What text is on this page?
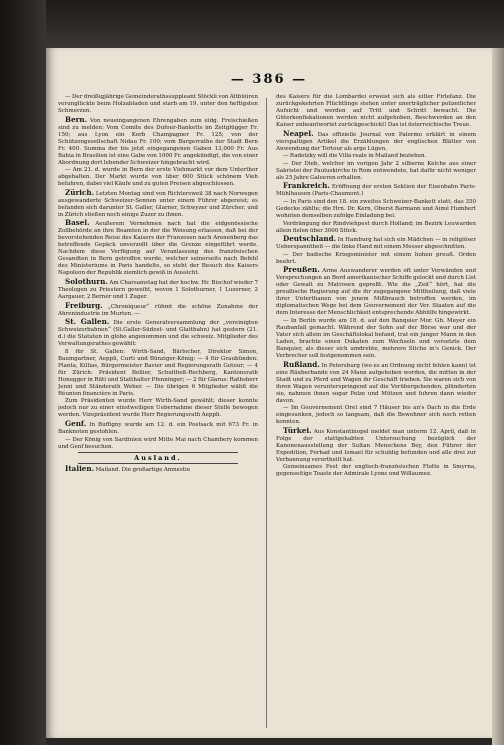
— 386 —

— Der dreißigjährige Gemeinderathssuppleant Stöckli von Altbüüren verunglückte beim Holzabladen und starb am 19. unter den heftigsten Schmerzen.

Bern. Von neueingangenen Ehrengaben zum eidg. Freischießen sind zu melden: Vom Comite des Dufour-Banketts im Zeitglügger Fr. 150; aus Lyon ein Korb Champagner Fr. 125; von der Schützengesellschaft Nidau Fr. 100; vom Burgerrathe der Stadt Bern Fr. 400. Summa der bis jetzt eingegangenen Gaben 13,000 Fr. Aus Bahia in Brasilien ist eine Gabe von 1000 Fr. angekündigt, die von einer Abordnung dort lebender Schweizer hingebracht wird.

— Am 21. d. wurde in Bern der erste Viehmarkt vor dem Unterthor abgehalten. Der Markt wurde von über 600 Stück schönem Vieh befahren, dabei viel Käufe und zu guten Preisen abgeschlossen.

Zürich. Letzten Montag sind von Richtersweil 38 nach Norwegen ausgewanderte Schweizer-Sennen unter einem Führer abgereist; es befanden sich darunter St. Galler, Glarner, Schwyzer und Zürcher, und in Zürich stießen noch einige Zuzer zu ihnen.

Basel. Aeußerem Vernehmen nach hat die eidgenössische Zollbehörde an ihre Beamten in der die Weisung erlassen, daß bei der bevorstehenden Reise des Kaisers der Franzosen nach Arenenberg das betreffende Gepäck unverzollt über die Grenze eingeführt werde. Nachdem diese Verfügung auf Veranlassung des französischen Gesandten in Bern getroffen wurde, welcher seinerseits nach Befehl des Ministeriums in Paris handelte, so steht der Besuch des Kaisers Napoleon der Republik ziemlich gewiß in Aussicht.

Solothurn. Am Charsamstag hat der hochw. Hr. Bischof wieder 7 Theologen zu Priestern geweiht, wovon 1 Solothurner, 1 Luzerner, 2 Aargauer, 2 Berner und 1 Zuger.

Freiburg. „Chroniqueur“ rühmt die schöne Zunahme der Ahrenindustrie im Murten. —

St. Gallen. Die erste Generalversammlung der „vereinigten Schweizerbahnen“ (St.Galler-Südost- und Glattbahn) hat gestern (21. d.) die Statuten in globo angenommen und die schweiz. Mitglieder des Verwaltungsrathes gewählt:

8 für St. Gallen: Wirth-Sand, Bärlocher, Direktor Simon, Baumgartner, Aeppli, Curti und Bünziger-König; — 4 für Graubünden: Planta, Killias, Bürgermeister Bavier und Regierungsrath Gotour; — 4 für Zürich: Präsident Bollier, Schultheß-Rechberg, Kantonsrath Honegger in Rüti und Statthalter Pfenninger; — 2 für Glarus: Rathsherr Jenni und Ständerath Weber. — Die übrigen 6 Mitglieder wählt die Réunion financière in Paris.

Zum Präsidenten wurde Herr Wirth-Sand gewählt; dieser konnte jedoch nur zu einer einstweiligen Uebernahme dieser Stelle bewogen werden. Vizepräsident wurde Herr Regierungsrath Aeppli.

Genf. In Buffigny wurde am 12. d. ein Postsack mit 673 Fr. in Banknoten gestohlen.

— Der König von Sardinien wird Mitte Mai nach Chambery kommen und Genf besuchen.

Ausland.

Italien. Mailand. Die großartige Amnestie

des Kaisers für die Lombardei erweist sich als eitler Firlefanz. Die zurückgekehrten Flüchtlinge stehen unter unerträglicher polizeilicher Aufsicht und werden auf Tritt und Schritt bewacht. Die Güterkonfiskationen werden nicht aufgehoben, Beschwerden an den Kaiser unbeantwortet zurückgeschickt! Das ist österreichische Treue.

Neapel. Das offizielle Journal von Palermo erklärt in einem vierspaltigen Artikel die Erzählungen der englischen Blätter von Anwendung der Tortour als arge Lügen.

— Radetzky will die Villa reale in Mailand beziehen.

— Der Dieb, welcher im vorigen Jahr 2 silberne Kelche aus einer Sakristei der Pauluskirche in Rom entwendete, hat dafür nicht weniger als 25 Jahre Galeeren erhalten.

Frankreich. Eröffnung der ersten Sektion der Eisenbahn Paris-Mühlhausen (Paris-Chaumont.)

— In Paris sind den 18. ein zweites Schweizer-Bankett statt, das 350 Gedecke zählte; die Hrn. Dr. Kern, Oberst Barmann und Aimé Humbert wohnten demselben zufolge Einladung bei.

Verdrängung der Rindviehpest durch Holland; im Bezirk Leuwarden allein fielen über 3000 Stück.

Deutschland. In Hamburg hat sich ein Mädchen — in religiöser Ueberspanntheit — die linke Hand mit einem Messer abgeschnitten.

— Der badische Kriegsminister mit einem hohen preuß. Orden beehrt.

Preußen. Arme Auswanderer werden oft unter Vorwänden und Versprechungen an Bord amerikanischer Schiffe gelockt und durch List oder Gewalt zu Matrosen gepreßt. Wie die „Zeit“ hört, hat die preußische Regierung auf die ihr zugegangene Mittheilung, daß viele ihrer Unterthanen von jenem Mißbrauch betroffen werden, im diplomatischen Wege bei dem Gouvernement der Ver. Staaten auf die dem Interesse der Menschlichkeit entsprechende Abhülfe hingewirkt.

— In Berlin wurde am 18. d. auf den Banquier Mor. Gh. Meyer ein Raubanfall gemacht. Während der Sohn auf der Börse war und der Vater sich allein im Geschäftslokal befand, trat ein junger Mann in den Laden, brachte einen Dukaten zum Wechseln und versetzte dem Banquier, als dieser sich umdrehte, mehrere Stiche in's Genick. Der Verbrecher soll festgenommen sein.

Rußland. In Petersburg (wo es an Ordnung nicht fehlen kann) ist eine Räuberbande von 24 Mann aufgehoben worden, die mitten in der Stadt und zu Pferd und Wagen ihr Geschäft trieben. Sie waren sich von ihren Wagen verunterspringend auf die Vorübergehenden, plünderten sie, nahmen ihnen sogar Pelze und Mützen und fuhren dann wieder davon.

— Im Gouvernement Orel sind 7 Häuser bis an's Dach in die Erde eingesunken, jedoch so langsam, daß die Bewohner sich noch retten konnten.

Türkei. Aus Konstantinopel meldet man unterm 12. April, daß in Folge der stattgehabten Untersuchung bezüglich der Kanonenausstellung der Sultan Menschens Bey, den Führer der Expedition, Ferhad und Ismael für schuldig befunden und alle drei zur Verbannung verurtheilt hat.

Gemeinsames Fest der englisch-französischen Flotte in Smyrna, gegenseitige Toaste der Admirale Lyons und Willaumez.
